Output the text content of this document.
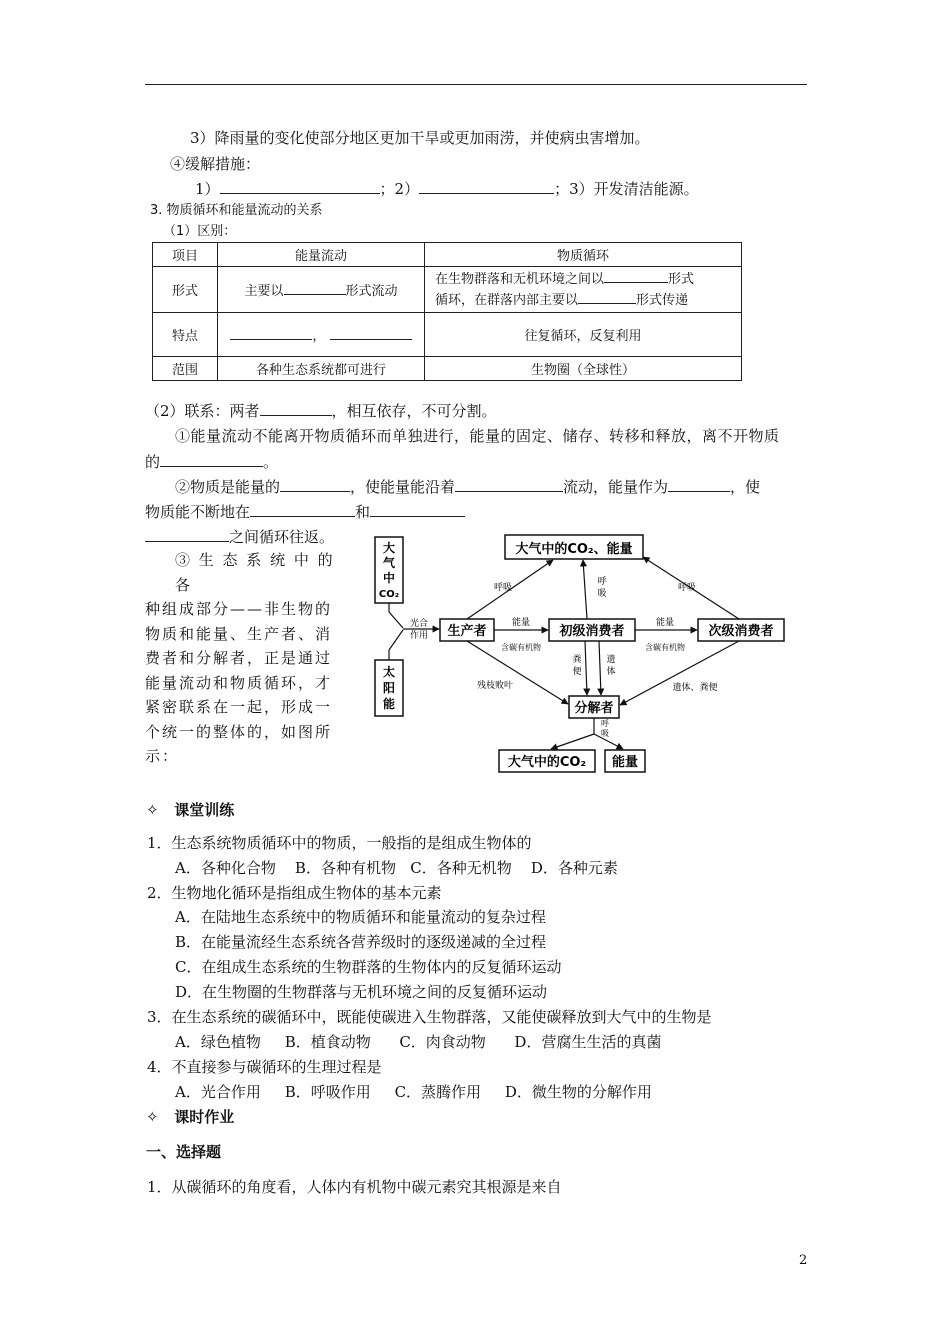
3）降雨量的变化使部分地区更加干旱或更加雨涝，并使病虫害增加。
④缓解措施：
1）	；2）	；3）开发清洁能源。
3. 物质循环和能量流动的关系
（1）区别：
项目	能量流动	物质循环
形式	主要以 形式流动	在生物群落和无机环境之间以 形式
循环，在群落内部主要以 形式传递
特点	，	往复循环，反复利用
范围	各种生态系统都可进行	生物圈（全球性）
（2）联系：两者	，相互依存，不可分割。
①能量流动不能离开物质循环而单独进行，能量的固定、储存、转移和释放，离不开物质
的	。
②物质是能量的	，使能量能沿着	流动，能量作为	，使
物质能不断地在	和
之间循环往返。
③ 生 态 系 统 中 的 各
种组成部分——非生物的
物质和能量、生产者、消
费者和分解者，正是通过
能量流动和物质循环，才
紧密联系在一起，形成一
个统一的整体的，如图所
示：
大气中的CO₂、能量
大
气
中
CO₂
太
阳
能
光合
作用 生产者	初级消费者	次级消费者
分解者
大气中的CO₂ 能量
呼吸
呼
吸
呼吸
能量
含碳有机物
能量
含碳有机物
残枝败叶
粪
便
遗
体
遗体、粪便
呼
吸
✧ 课堂训练
1．生态系统物质循环中的物质，一般指的是组成生物体的
A．各种化合物 B．各种有机物 C．各种无机物 D．各种元素
2．生物地化循环是指组成生物体的基本元素
A．在陆地生态系统中的物质循环和能量流动的复杂过程
B．在能量流经生态系统各营养级时的逐级递减的全过程
C．在组成生态系统的生物群落的生物体内的反复循环运动
D．在生物圈的生物群落与无机环境之间的反复循环运动
3．在生态系统的碳循环中，既能使碳进入生物群落，又能使碳释放到大气中的生物是
A．绿色植物 B．植食动物 C．肉食动物 D．营腐生生活的真菌
4．不直接参与碳循环的生理过程是
A．光合作用 B．呼吸作用 C．蒸腾作用 D．微生物的分解作用
✧ 课时作业
一、选择题
1．从碳循环的角度看，人体内有机物中碳元素究其根源是来自
2
